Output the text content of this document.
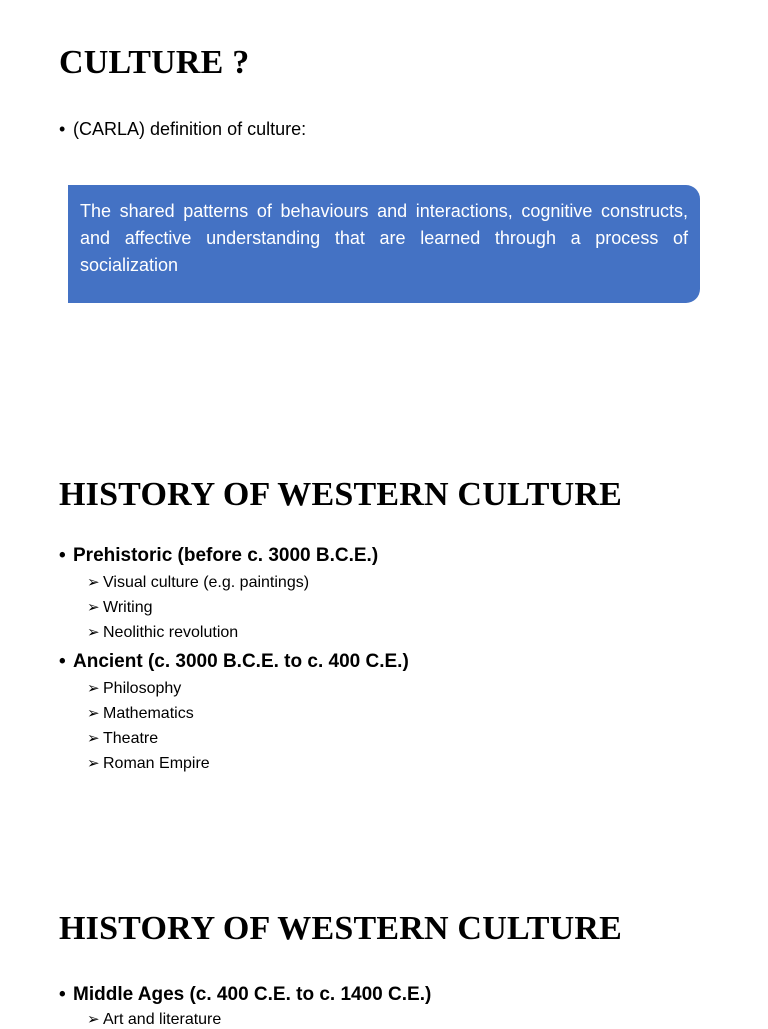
CULTURE ?
• (CARLA) definition of culture:

The shared patterns of behaviours and interactions, cognitive constructs, and affective understanding that are learned through a process of socialization

HISTORY OF WESTERN CULTURE
• Prehistoric (before c. 3000 B.C.E.)
➢ Visual culture (e.g. paintings)
➢ Writing
➢ Neolithic revolution
• Ancient (c. 3000 B.C.E. to c. 400 C.E.)
➢ Philosophy
➢ Mathematics
➢ Theatre
➢ Roman Empire
HISTORY OF WESTERN CULTURE
• Middle Ages (c. 400 C.E. to c. 1400 C.E.)
➢ Art and literature
